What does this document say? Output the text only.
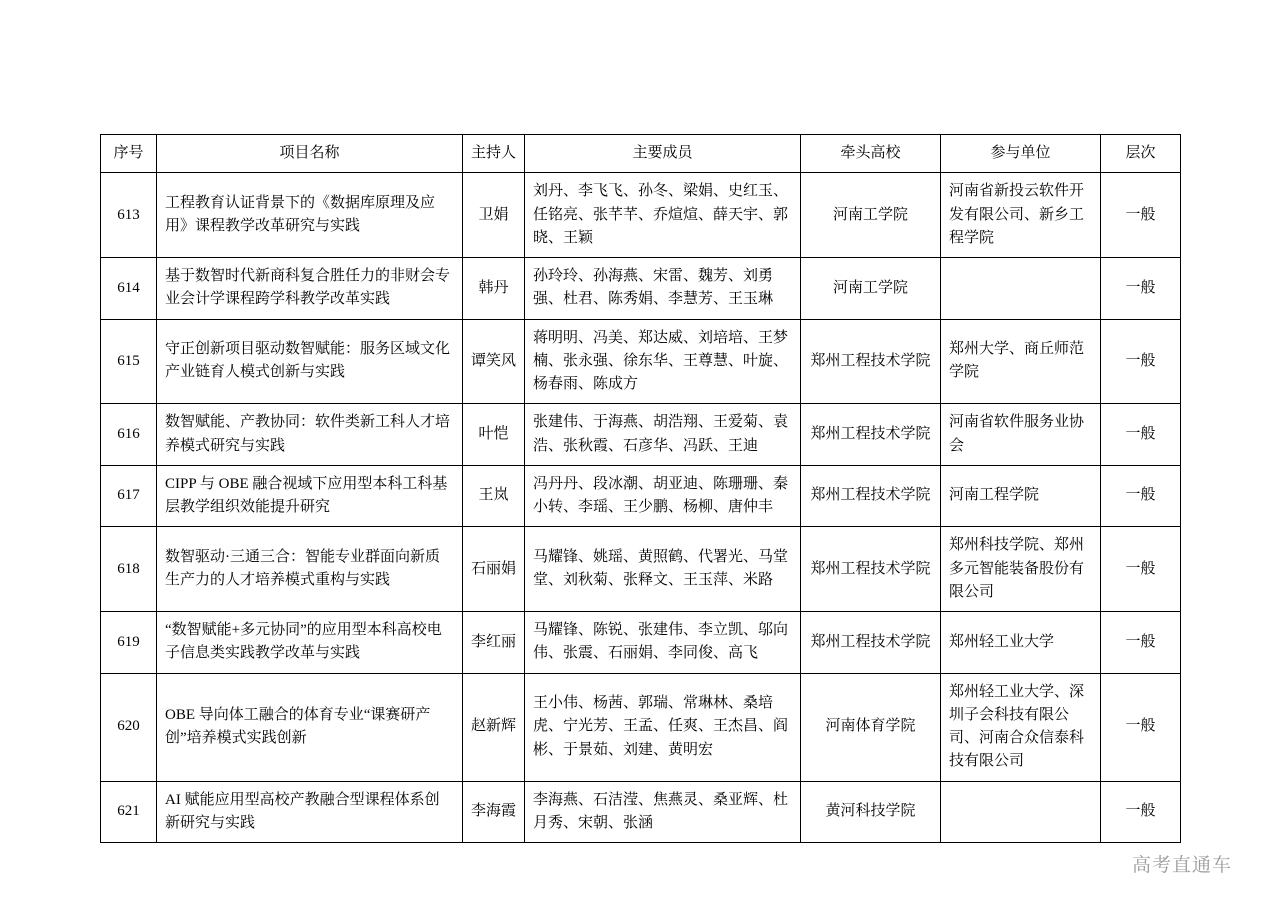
序号	项目名称	主持人	主要成员	牵头高校	参与单位	层次
613	工程教育认证背景下的《数据库原理及应用》课程教学改革研究与实践	卫娟	刘丹、李飞飞、孙冬、梁娟、史红玉、任铭亮、张芊芊、乔煊煊、薛天宇、郭晓、王颖	河南工学院	河南省新投云软件开发有限公司、新乡工程学院	一般
614	基于数智时代新商科复合胜任力的非财会专业会计学课程跨学科教学改革实践	韩丹	孙玲玲、孙海燕、宋雷、魏芳、刘勇强、杜君、陈秀娟、李慧芳、王玉琳	河南工学院		一般
615	守正创新项目驱动数智赋能：服务区域文化产业链育人模式创新与实践	谭笑风	蒋明明、冯美、郑达威、刘培培、王梦楠、张永强、徐东华、王尊慧、叶旋、杨春雨、陈成方	郑州工程技术学院	郑州大学、商丘师范学院	一般
616	数智赋能、产教协同：软件类新工科人才培养模式研究与实践	叶恺	张建伟、于海燕、胡浩翔、王爱菊、袁浩、张秋霞、石彦华、冯跃、王迪	郑州工程技术学院	河南省软件服务业协会	一般
617	CIPP 与 OBE 融合视域下应用型本科工科基层教学组织效能提升研究	王岚	冯丹丹、段冰潮、胡亚迪、陈珊珊、秦小转、李瑶、王少鹏、杨柳、唐仲丰	郑州工程技术学院	河南工程学院	一般
618	数智驱动·三通三合：智能专业群面向新质生产力的人才培养模式重构与实践	石丽娟	马耀锋、姚瑶、黄照鹤、代署光、马堂堂、刘秋菊、张释文、王玉萍、米路	郑州工程技术学院	郑州科技学院、郑州多元智能装备股份有限公司	一般
619	“数智赋能+多元协同”的应用型本科高校电子信息类实践教学改革与实践	李红丽	马耀锋、陈锐、张建伟、李立凯、邬向伟、张震、石丽娟、李同俊、高飞	郑州工程技术学院	郑州轻工业大学	一般
620	OBE 导向体工融合的体育专业“课赛研产创”培养模式实践创新	赵新辉	王小伟、杨茜、郭瑞、常琳林、桑培虎、宁光芳、王孟、任爽、王杰昌、阎彬、于景茹、刘建、黄明宏	河南体育学院	郑州轻工业大学、深圳子会科技有限公司、河南合众信泰科技有限公司	一般
621	AI 赋能应用型高校产教融合型课程体系创新研究与实践	李海霞	李海燕、石洁滢、焦燕灵、桑亚辉、杜月秀、宋朝、张涵	黄河科技学院		一般
高考直通车
